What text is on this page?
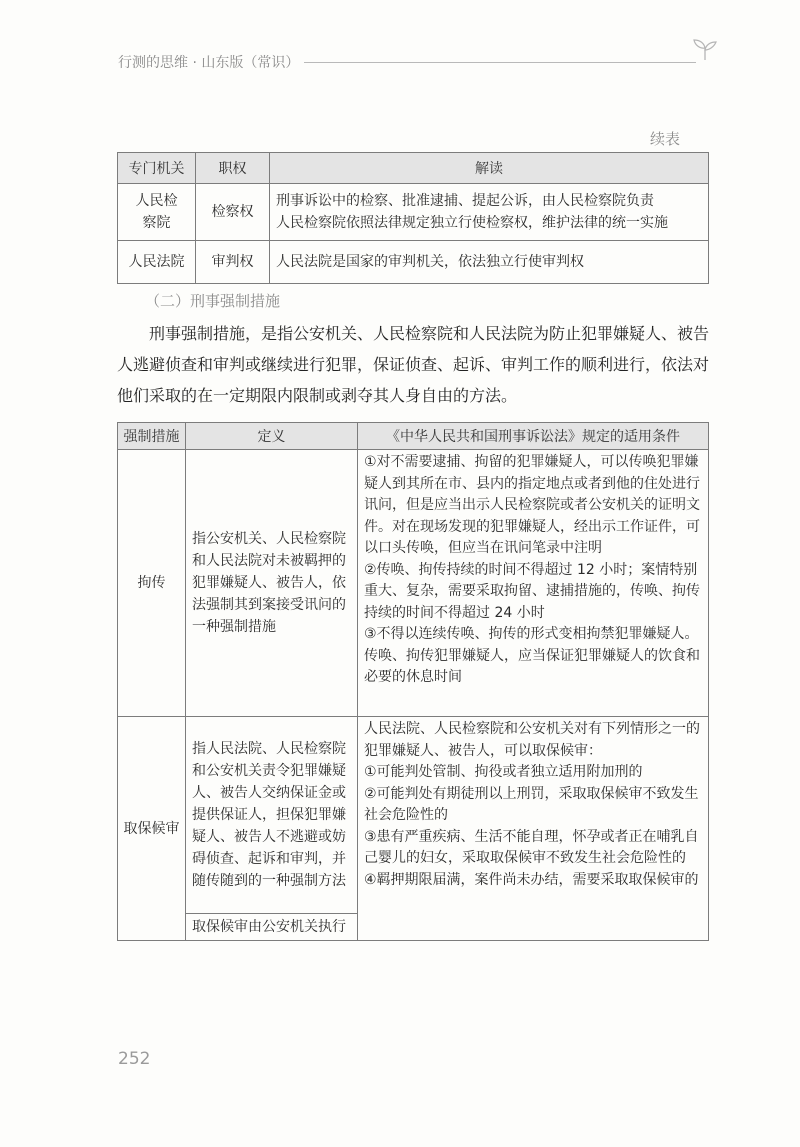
行测的思维 · 山东版（常识）
续表
专门机关	职权	解读

人民检察院	检察权	刑事诉讼中的检察、批准逮捕、提起公诉，由人民检察院负责
人民检察院依照法律规定独立行使检察权，维护法律的统一实施

人民法院	审判权	人民法院是国家的审判机关，依法独立行使审判权
（二）刑事强制措施
刑事强制措施，是指公安机关、人民检察院和人民法院为防止犯罪嫌疑人、被告人逃避侦查和审判或继续进行犯罪，保证侦查、起诉、审判工作的顺利进行，依法对他们采取的在一定期限内限制或剥夺其人身自由的方法。
强制措施	定义	《中华人民共和国刑事诉讼法》规定的适用条件
拘传	指公安机关、人民检察院和人民法院对未被羁押的犯罪嫌疑人、被告人，依法强制其到案接受讯问的一种强制措施	①对不需要逮捕、拘留的犯罪嫌疑人，可以传唤犯罪嫌疑人到其所在市、县内的指定地点或者到他的住处进行讯问，但是应当出示人民检察院或者公安机关的证明文件。对在现场发现的犯罪嫌疑人，经出示工作证件，可以口头传唤，但应当在讯问笔录中注明
②传唤、拘传持续的时间不得超过 12 小时；案情特别重大、复杂，需要采取拘留、逮捕措施的，传唤、拘传持续的时间不得超过 24 小时
③不得以连续传唤、拘传的形式变相拘禁犯罪嫌疑人。传唤、拘传犯罪嫌疑人，应当保证犯罪嫌疑人的饮食和必要的休息时间

取保候审	指人民法院、人民检察院和公安机关责令犯罪嫌疑人、被告人交纳保证金或提供保证人，担保犯罪嫌疑人、被告人不逃避或妨碍侦查、起诉和审判，并随传随到的一种强制方法	人民法院、人民检察院和公安机关对有下列情形之一的犯罪嫌疑人、被告人，可以取保候审：
①可能判处管制、拘役或者独立适用附加刑的
②可能判处有期徒刑以上刑罚，采取取保候审不致发生社会危险性的
③患有严重疾病、生活不能自理，怀孕或者正在哺乳自己婴儿的妇女，采取取保候审不致发生社会危险性的
④羁押期限届满，案件尚未办结，需要采取取保候审的

	取保候审由公安机关执行	
252
